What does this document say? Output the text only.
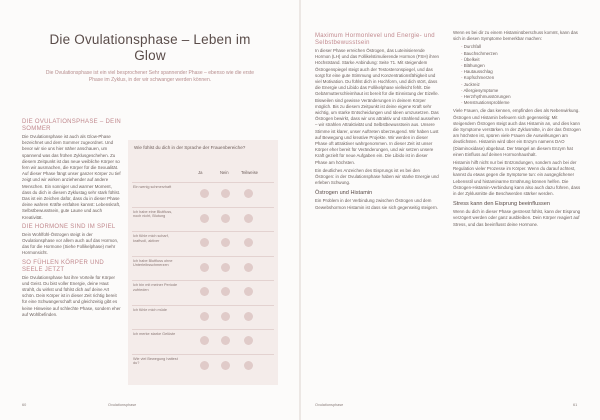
Die Ovulationsphase – Leben im Glow
Die Ovulationsphase ist ein viel besprochener Sehr spannender Phase – ebenso wie die erste Phase im Zyklus, in der wir schwanger werden können.
DIE OVULATIONSPHASE – DEIN SOMMER

Die Ovulationsphase ist auch als Glow-Phase bezeichnet und dem Sommer zugeordnet. Und bevor wir sie uns hier näher anschauen, um spannend was das frühen Zyklusgeschehen. Zu diesem Zeitpunkt ist das neue weibliche Körper so fern wir ausmachen, die Körper für die Sexualität. Auf dieser Phase fängt unser ganzer Körper zu tief zeigt und wir wirken anziehender auf andere Menschen. Ein sonniger und warmer Moment, dass du dich in diesem Zyklustag sehr stark fühlst. Das ist ein Zeichen dafür, dass du in dieser Phase deine wahren Kräfte entfalten kannst: Lebenskraft, Selbstbewusstsein, gute Laune und auch Kreativität.

DIE HORMONE SIND IM SPIEL

Dein Wohlfühl-Östrogen steigt in der Ovulationsphase vor allem auch auf das Hormon, das für die Hormone (Siehe Follikelphase) mehr Hormonsicht.

SO FÜHLEN KÖRPER UND SEELE JETZT

Die Ovulationsphase hat ihre Vorteile für Körper und Geist. Du bist voller Energie, deine Haut strahlt, du wirkst und fühlst dich auf deine Art schön. Dein Körper ist in dieser Zeit richtig bereit für eine Schwangerschaft und gleichzeitig gibt es keine Hinweise auf schlechte Phase, sondern eher auf Wohlbefinden.

Wie fühlst du dich in der Sprache der Frauenbereiche?
Ja	Nein	Teilweise
Ein wenig schmerzhaft
Ich habe eine Blutfluss, noch nicht, Blutung
Ich fühle mich scharf, kraftvoll, aktiver
Ich habe Blutfluss ohne Unterleibsschmerzen
Ich bin mit meiner Periode zufrieden
Ich fühle mich müde
Ich merke starke Gelüste
Wie viel Bewegung hattest du?
60	Ovulationsphase
Maximum Hormonlevel und Energie- und Selbstbewusstsein

In dieser Phase erreichen Östrogen, das Luteinisierende Hormon (LH) und das Follikelstimulierende Hormon (FSH) ihren Höchststand. Starke Anbindung: Seite 71. Mit steigendem Östrogenspiegel steigt auch der Testosteronspiegel, und das sorgt für eine gute Stimmung und Konzentrationsfähigkeit und viel Motivation. Du fühlst dich in Hochform, und dich stört, dass die Energie und Libido das Follikelphase vielleicht fehlt. Die Gebärmutterschleimhaut ist bereit für die Einnistung der Eizelle. Bisweilen sind gewisse Veränderungen in deinem Körper möglich. Bis zu diesem Zeitpunkt ist deine eigene Kraft sehr wichtig, um starke Entscheidungen und Ideen umzusetzen. Das Östrogen bewirkt, dass wir uns attraktiv und strahlend aussehen – wir strahlen Attraktivität und Selbstbewusstsein aus. Unsere Stimme ist klarer, unser Auftreten überzeugend. Wir haben Lust auf Bewegung und kreative Projekte. Wir werden in dieser Phase oft attraktiver wahrgenommen. In dieser Zeit ist unser Körper eher bereit für Veränderungen, und wir setzen unsere Kraft gezielt für neue Aufgaben ein. Die Libido ist in dieser Phase am höchsten.

Ein deutliches Anzeichen des Eisprungs ist es bei den Östrogen: in der Ovulationsphase haben wir starke Energie und erleben Schwung.

Östrogen und Histamin

Ein Problem in der Verbindung zwischen Östrogen und dem Gewebshormon Histamin ist dass sie sich gegenseitig steigern.

Wenn es bei dir zu einem Histaminüberschuss kommt, kann das sich in diesen Symptome bemerkbar machen:

- Durchfall
- Bauchschmerzen
- Übelkeit
- Blähungen
- Hautausschlag
- Kopfschmerzen
- Juckreiz
- Allergiesymptome
- Herzrhythmusstörungen
- Menstruationsprobleme

Viele Frauen, die das kennen, empfinden dies als Nebenwirkung. Östrogen und Histamin befeuern sich gegenseitig: Mit steigendem Östrogen steigt auch das Histamin an, und dies kann die Symptome verstärken. In der Zyklusmitte, in der das Östrogen am höchsten ist, spüren viele Frauen die Auswirkungen am deutlichsten. Histamin wird über ein Enzym namens DAO (Diaminoxidase) abgebaut. Der Mangel an diesem Enzym hat einen Einfluss auf deinen Hormonhaushalt.

Histamin hilft nicht nur bei Entzündungen, sondern auch bei der Regulation vieler Prozesse im Körper. Wenn du darauf achtest, kannst du etwas gegen die Symptome tun: ein ausgeglichener Lebensstil und histaminarme Ernährung können helfen. Die Östrogen-Histamin-Verbindung kann also auch dazu führen, dass in der Zyklusmitte die Beschwerden stärker werden.

Stress kann den Eisprung beeinflussen

Wenn du dich in dieser Phase gestresst fühlst, kann der Eisprung verzögert werden oder ganz ausbleiben. Dein Körper reagiert auf Stress, und das beeinflusst deine Hormone.

Ovulationsphase	61
